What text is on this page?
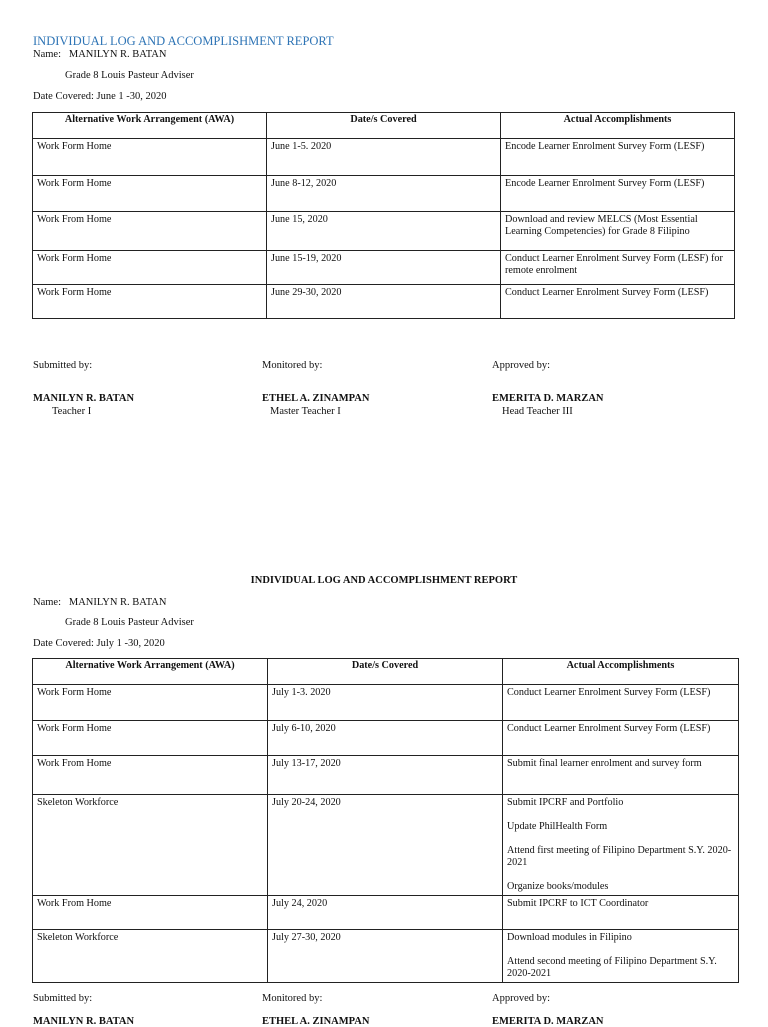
INDIVIDUAL LOG AND ACCOMPLISHMENT REPORT
Name: MANILYN R. BATAN
Grade 8 Louis Pasteur Adviser
Date Covered: June 1 -30, 2020
Alternative Work Arrangement (AWA)	Date/s Covered	Actual Accomplishments
Work Form Home	June 1-5. 2020	Encode Learner Enrolment Survey Form (LESF)

Work Form Home	June 8-12, 2020	Encode Learner Enrolment Survey Form (LESF)

Work From Home	June 15, 2020	Download and review MELCS (Most Essential Learning Competencies) for Grade 8 Filipino

Work Form Home	June 15-19, 2020	Conduct Learner Enrolment Survey Form (LESF) for remote enrolment

Work Form Home	June 29-30, 2020	Conduct Learner Enrolment Survey Form (LESF)
Submitted by:	Monitored by:	Approved by:
MANILYN R. BATAN	ETHEL A. ZINAMPAN	EMERITA D. MARZAN
Teacher I	Master Teacher I	Head Teacher III
INDIVIDUAL LOG AND ACCOMPLISHMENT REPORT
Name: MANILYN R. BATAN
Grade 8 Louis Pasteur Adviser
Date Covered: July 1 -30, 2020
Alternative Work Arrangement (AWA)	Date/s Covered	Actual Accomplishments
Work Form Home	July 1-3. 2020	Conduct Learner Enrolment Survey Form (LESF)

Work Form Home	July 6-10, 2020	Conduct Learner Enrolment Survey Form (LESF)

Work From Home	July 13-17, 2020	Submit final learner enrolment and survey form

Skeleton Workforce	July 20-24, 2020	Submit IPCRF and Portfolio
Update PhilHealth Form
Attend first meeting of Filipino Department S.Y. 2020-2021
Organize books/modules

Work From Home	July 24, 2020	Submit IPCRF to ICT Coordinator

Skeleton Workforce	July 27-30, 2020	Download modules in Filipino
Attend second meeting of Filipino Department S.Y. 2020-2021
Submitted by:	Monitored by:	Approved by:
MANILYN R. BATAN	ETHEL A. ZINAMPAN	EMERITA D. MARZAN
